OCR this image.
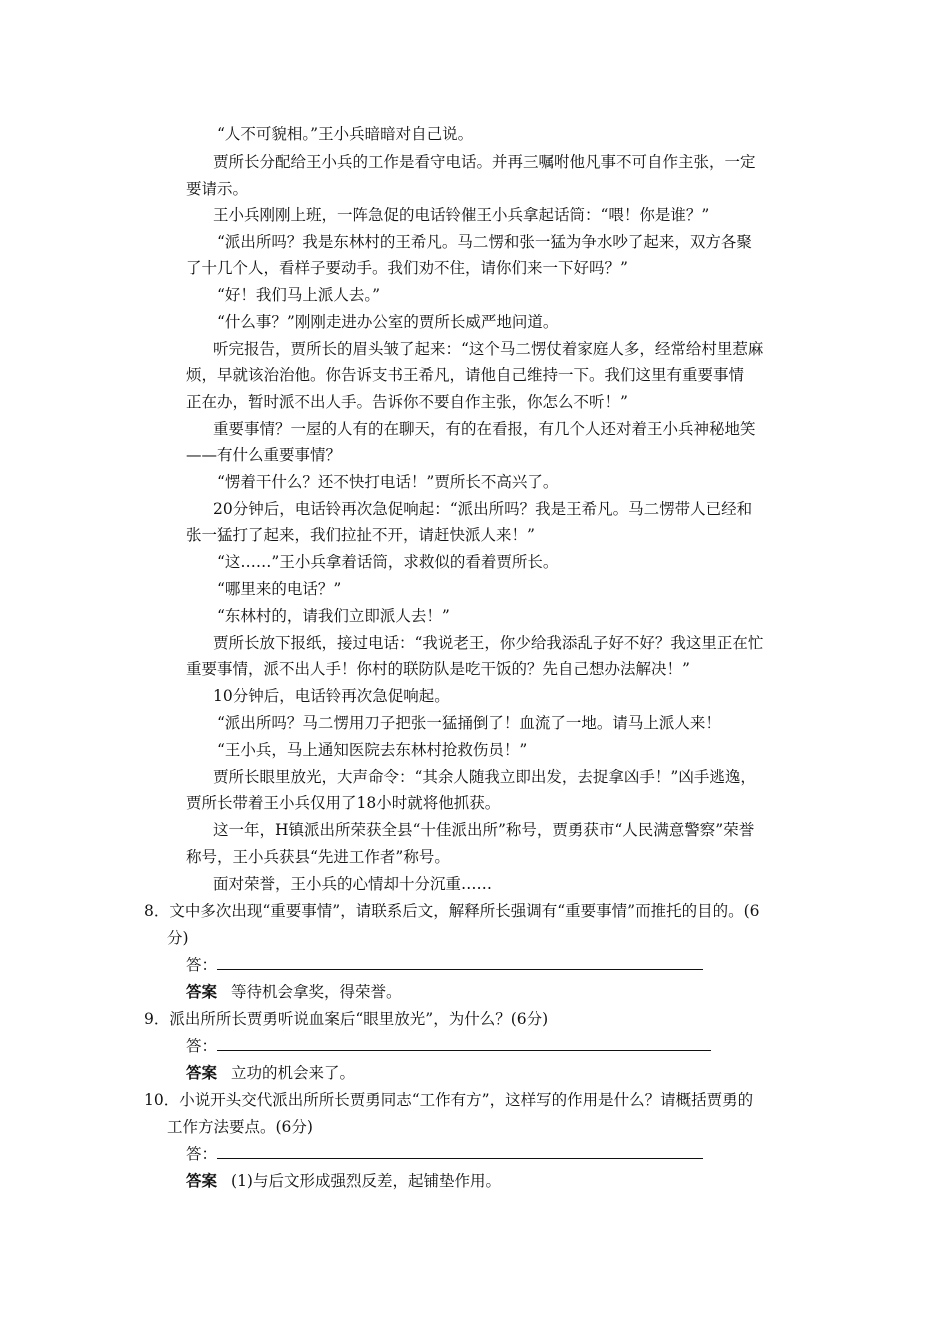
“人不可貌相。”王小兵暗暗对自己说。
贾所长分配给王小兵的工作是看守电话。并再三嘱咐他凡事不可自作主张，一定
要请示。
王小兵刚刚上班，一阵急促的电话铃催王小兵拿起话筒：“喂！你是谁？”
“派出所吗？我是东林村的王希凡。马二愣和张一猛为争水吵了起来，双方各聚
了十几个人，看样子要动手。我们劝不住，请你们来一下好吗？”
“好！我们马上派人去。”
“什么事？”刚刚走进办公室的贾所长威严地问道。
听完报告，贾所长的眉头皱了起来：“这个马二愣仗着家庭人多，经常给村里惹麻
烦，早就该治治他。你告诉支书王希凡，请他自己维持一下。我们这里有重要事情
正在办，暂时派不出人手。告诉你不要自作主张，你怎么不听！”
重要事情？一屋的人有的在聊天，有的在看报，有几个人还对着王小兵神秘地笑
——有什么重要事情？
“愣着干什么？还不快打电话！”贾所长不高兴了。
20分钟后，电话铃再次急促响起：“派出所吗？我是王希凡。马二愣带人已经和
张一猛打了起来，我们拉扯不开，请赶快派人来！”
“这……”王小兵拿着话筒，求救似的看着贾所长。
“哪里来的电话？”
“东林村的，请我们立即派人去！”
贾所长放下报纸，接过电话：“我说老王，你少给我添乱子好不好？我这里正在忙
重要事情，派不出人手！你村的联防队是吃干饭的？先自己想办法解决！”
10分钟后，电话铃再次急促响起。
“派出所吗？马二愣用刀子把张一猛捅倒了！血流了一地。请马上派人来！
“王小兵，马上通知医院去东林村抢救伤员！”
贾所长眼里放光，大声命令：“其余人随我立即出发，去捉拿凶手！”凶手逃逸，
贾所长带着王小兵仅用了18小时就将他抓获。
这一年，H镇派出所荣获全县“十佳派出所”称号，贾勇获市“人民满意警察”荣誉
称号，王小兵获县“先进工作者”称号。
面对荣誉，王小兵的心情却十分沉重……
8．文中多次出现“重要事情”，请联系后文，解释所长强调有“重要事情”而推托的目的。(6
分)
答：
答案 等待机会拿奖，得荣誉。
9．派出所所长贾勇听说血案后“眼里放光”，为什么？(6分)
答：
答案 立功的机会来了。
10．小说开头交代派出所所长贾勇同志“工作有方”，这样写的作用是什么？请概括贾勇的
工作方法要点。(6分)
答：
答案 (1)与后文形成强烈反差，起铺垫作用。
